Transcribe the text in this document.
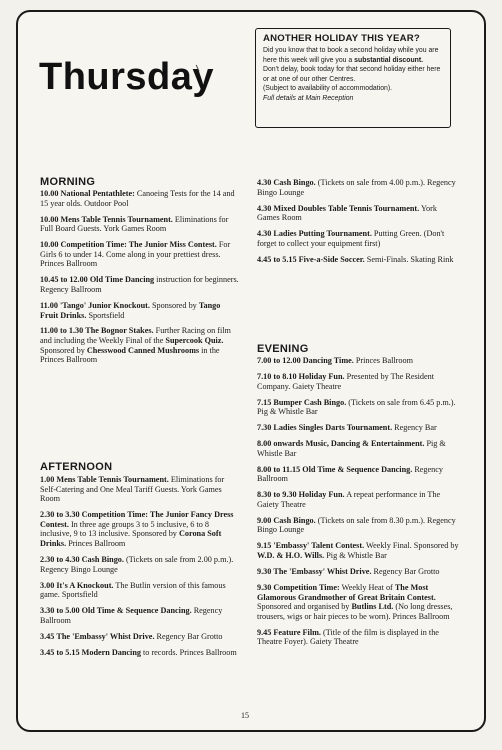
Thursday
ANOTHER HOLIDAY THIS YEAR?
Did you know that to book a second holiday while you are here this week will give you a substantial discount.
Don't delay, book today for that second holiday either here or at one of our other Centres.
(Subject to availability of accommodation).
Full details at Main Reception
MORNING
10.00 National Pentathlete: Canoeing Tests for the 14 and 15 year olds. Outdoor Pool
10.00 Mens Table Tennis Tournament. Eliminations for Full Board Guests. York Games Room
10.00 Competition Time: The Junior Miss Contest. For Girls 6 to under 14. Come along in your prettiest dress. Princes Ballroom
10.45 to 12.00 Old Time Dancing instruction for beginners. Regency Ballroom
11.00 'Tango' Junior Knockout. Sponsored by Tango Fruit Drinks. Sportsfield
11.00 to 1.30 The Bognor Stakes. Further Racing on film and including the Weekly Final of the Supercook Quiz. Sponsored by Chesswood Canned Mushrooms in the Princes Ballroom
AFTERNOON
1.00 Mens Table Tennis Tournament. Eliminations for Self-Catering and One Meal Tariff Guests. York Games Room
2.30 to 3.30 Competition Time: The Junior Fancy Dress Contest. In three age groups 3 to 5 inclusive, 6 to 8 inclusive, 9 to 13 inclusive. Sponsored by Corona Soft Drinks. Princes Ballroom
2.30 to 4.30 Cash Bingo. (Tickets on sale from 2.00 p.m.). Regency Bingo Lounge
3.00 It's A Knockout. The Butlin version of this famous game. Sportsfield
3.30 to 5.00 Old Time & Sequence Dancing. Regency Ballroom
3.45 The 'Embassy' Whist Drive. Regency Bar Grotto
3.45 to 5.15 Modern Dancing to records. Princes Ballroom
4.30 Cash Bingo. (Tickets on sale from 4.00 p.m.). Regency Bingo Lounge
4.30 Mixed Doubles Table Tennis Tournament. York Games Room
4.30 Ladies Putting Tournament. Putting Green. (Don't forget to collect your equipment first)
4.45 to 5.15 Five-a-Side Soccer. Semi-Finals. Skating Rink
EVENING
7.00 to 12.00 Dancing Time. Princes Ballroom
7.10 to 8.10 Holiday Fun. Presented by The Resident Company. Gaiety Theatre
7.15 Bumper Cash Bingo. (Tickets on sale from 6.45 p.m.). Pig & Whistle Bar
7.30 Ladies Singles Darts Tournament. Regency Bar
8.00 onwards Music, Dancing & Entertainment. Pig & Whistle Bar
8.00 to 11.15 Old Time & Sequence Dancing. Regency Ballroom
8.30 to 9.30 Holiday Fun. A repeat performance in The Gaiety Theatre
9.00 Cash Bingo. (Tickets on sale from 8.30 p.m.). Regency Bingo Lounge
9.15 'Embassy' Talent Contest. Weekly Final. Sponsored by W.D. & H.O. Wills. Pig & Whistle Bar
9.30 The 'Embassy' Whist Drive. Regency Bar Grotto
9.30 Competition Time: Weekly Heat of The Most Glamorous Grandmother of Great Britain Contest. Sponsored and organised by Butlins Ltd. (No long dresses, trousers, wigs or hair pieces to be worn). Princes Ballroom
9.45 Feature Film. (Title of the film is displayed in the Theatre Foyer). Gaiety Theatre
15
